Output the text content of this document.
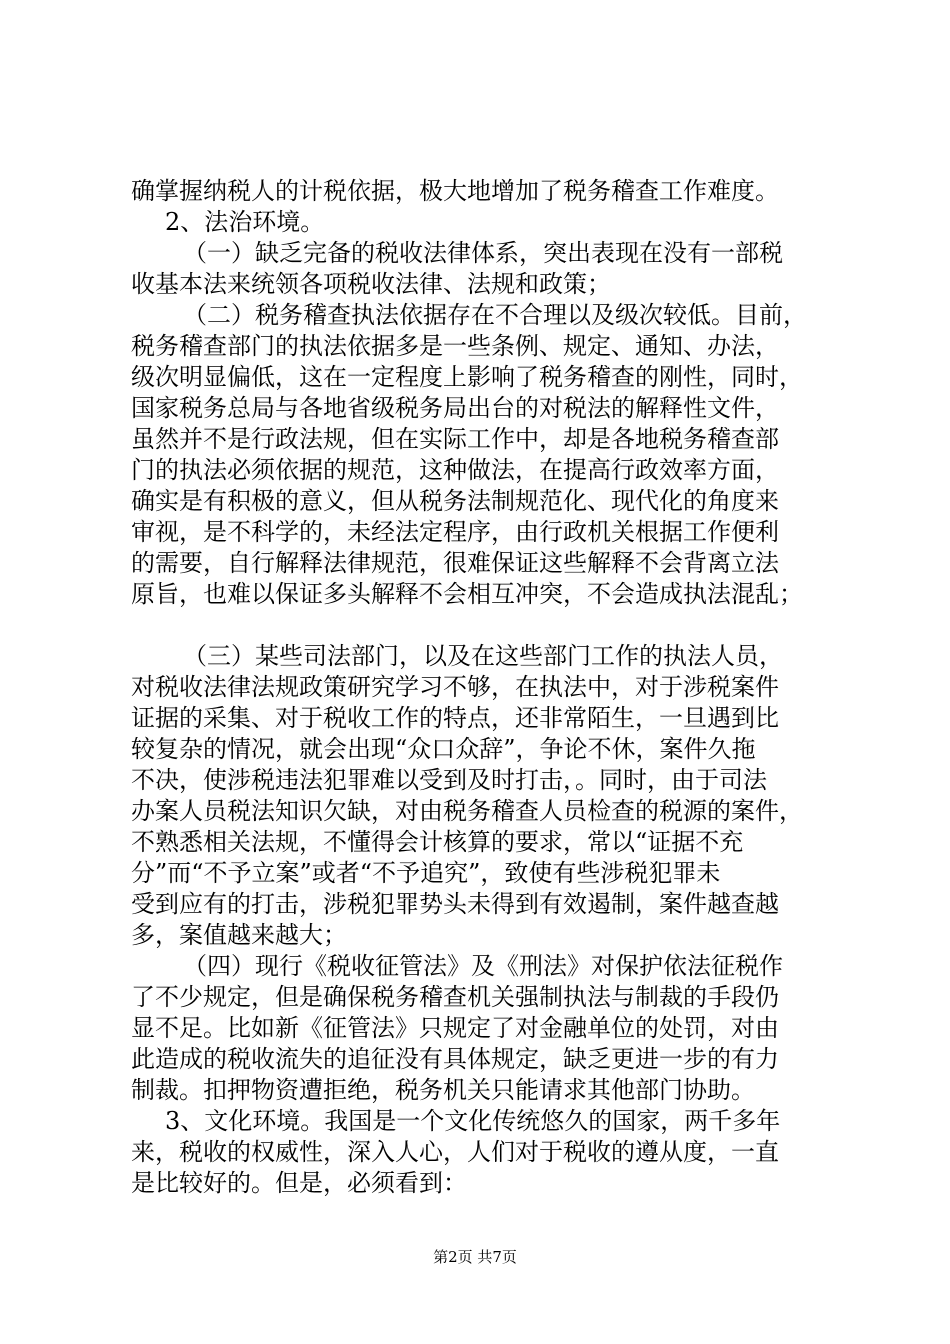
确掌握纳税人的计税依据，极大地增加了税务稽查工作难度。
2、法治环境。
（一）缺乏完备的税收法律体系，突出表现在没有一部税
收基本法来统领各项税收法律、法规和政策；
（二）税务稽查执法依据存在不合理以及级次较低。目前，
税务稽查部门的执法依据多是一些条例、规定、通知、办法，
级次明显偏低，这在一定程度上影响了税务稽查的刚性，同时，
国家税务总局与各地省级税务局出台的对税法的解释性文件，
虽然并不是行政法规，但在实际工作中，却是各地税务稽查部
门的执法必须依据的规范，这种做法，在提高行政效率方面，
确实是有积极的意义，但从税务法制规范化、现代化的角度来
审视，是不科学的，未经法定程序，由行政机关根据工作便利
的需要，自行解释法律规范，很难保证这些解释不会背离立法
原旨，也难以保证多头解释不会相互冲突，不会造成执法混乱；
（三）某些司法部门，以及在这些部门工作的执法人员，
对税收法律法规政策研究学习不够，在执法中，对于涉税案件
证据的采集、对于税收工作的特点，还非常陌生，一旦遇到比
较复杂的情况，就会出现“众口众辞”，争论不休，案件久拖
不决，使涉税违法犯罪难以受到及时打击，。同时，由于司法
办案人员税法知识欠缺，对由税务稽查人员检查的税源的案件，
不熟悉相关法规，不懂得会计核算的要求，常以“证据不充
分”而“不予立案”或者“不予追究”，致使有些涉税犯罪未
受到应有的打击，涉税犯罪势头未得到有效遏制，案件越查越
多，案值越来越大；
（四）现行《税收征管法》及《刑法》对保护依法征税作
了不少规定，但是确保税务稽查机关强制执法与制裁的手段仍
显不足。比如新《征管法》只规定了对金融单位的处罚，对由
此造成的税收流失的追征没有具体规定，缺乏更进一步的有力
制裁。扣押物资遭拒绝，税务机关只能请求其他部门协助。
3、文化环境。我国是一个文化传统悠久的国家，两千多年
来，税收的权威性，深入人心，人们对于税收的遵从度，一直
是比较好的。但是，必须看到：
第2页 共7页
